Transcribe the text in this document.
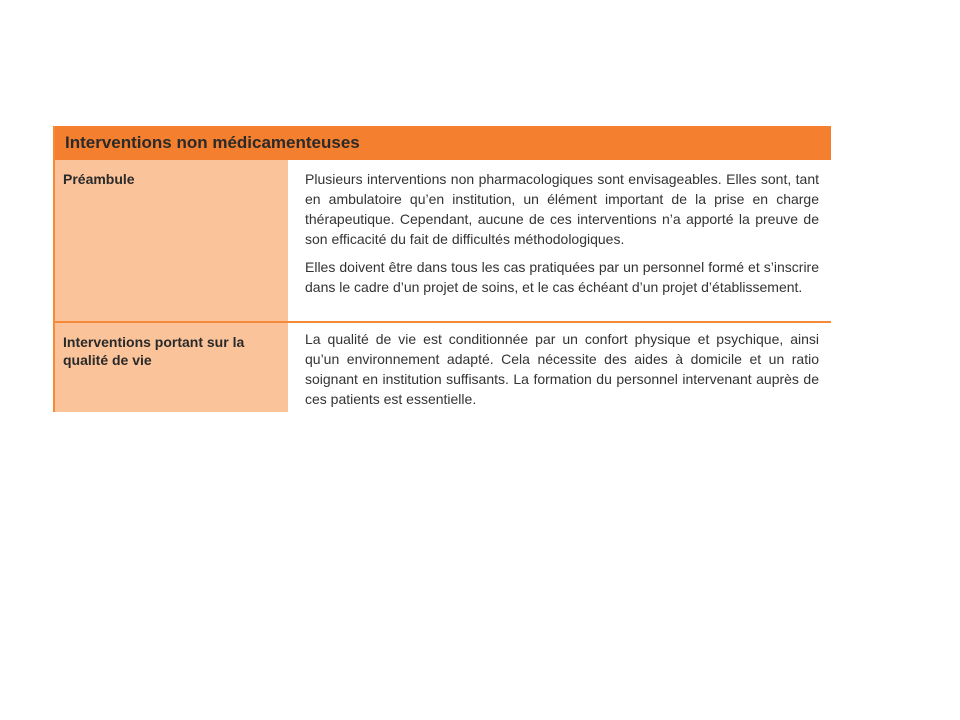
Interventions non médicamenteuses
Préambule	Plusieurs interventions non pharmacologiques sont envisageables. Elles sont, tant en ambulatoire qu’en institution, un élément important de la prise en charge thérapeutique. Cependant, aucune de ces interventions n’a apporté la preuve de son efficacité du fait de difficultés méthodologiques.

Elles doivent être dans tous les cas pratiquées par un personnel formé et s’inscrire dans le cadre d’un projet de soins, et le cas échéant d’un projet d’établissement.

Interventions portant sur la qualité de vie

La qualité de vie est conditionnée par un confort physique et psychique, ainsi qu’un environnement adapté. Cela nécessite des aides à domicile et un ratio soignant en institution suffisants. La formation du personnel intervenant auprès de ces patients est essentielle.
